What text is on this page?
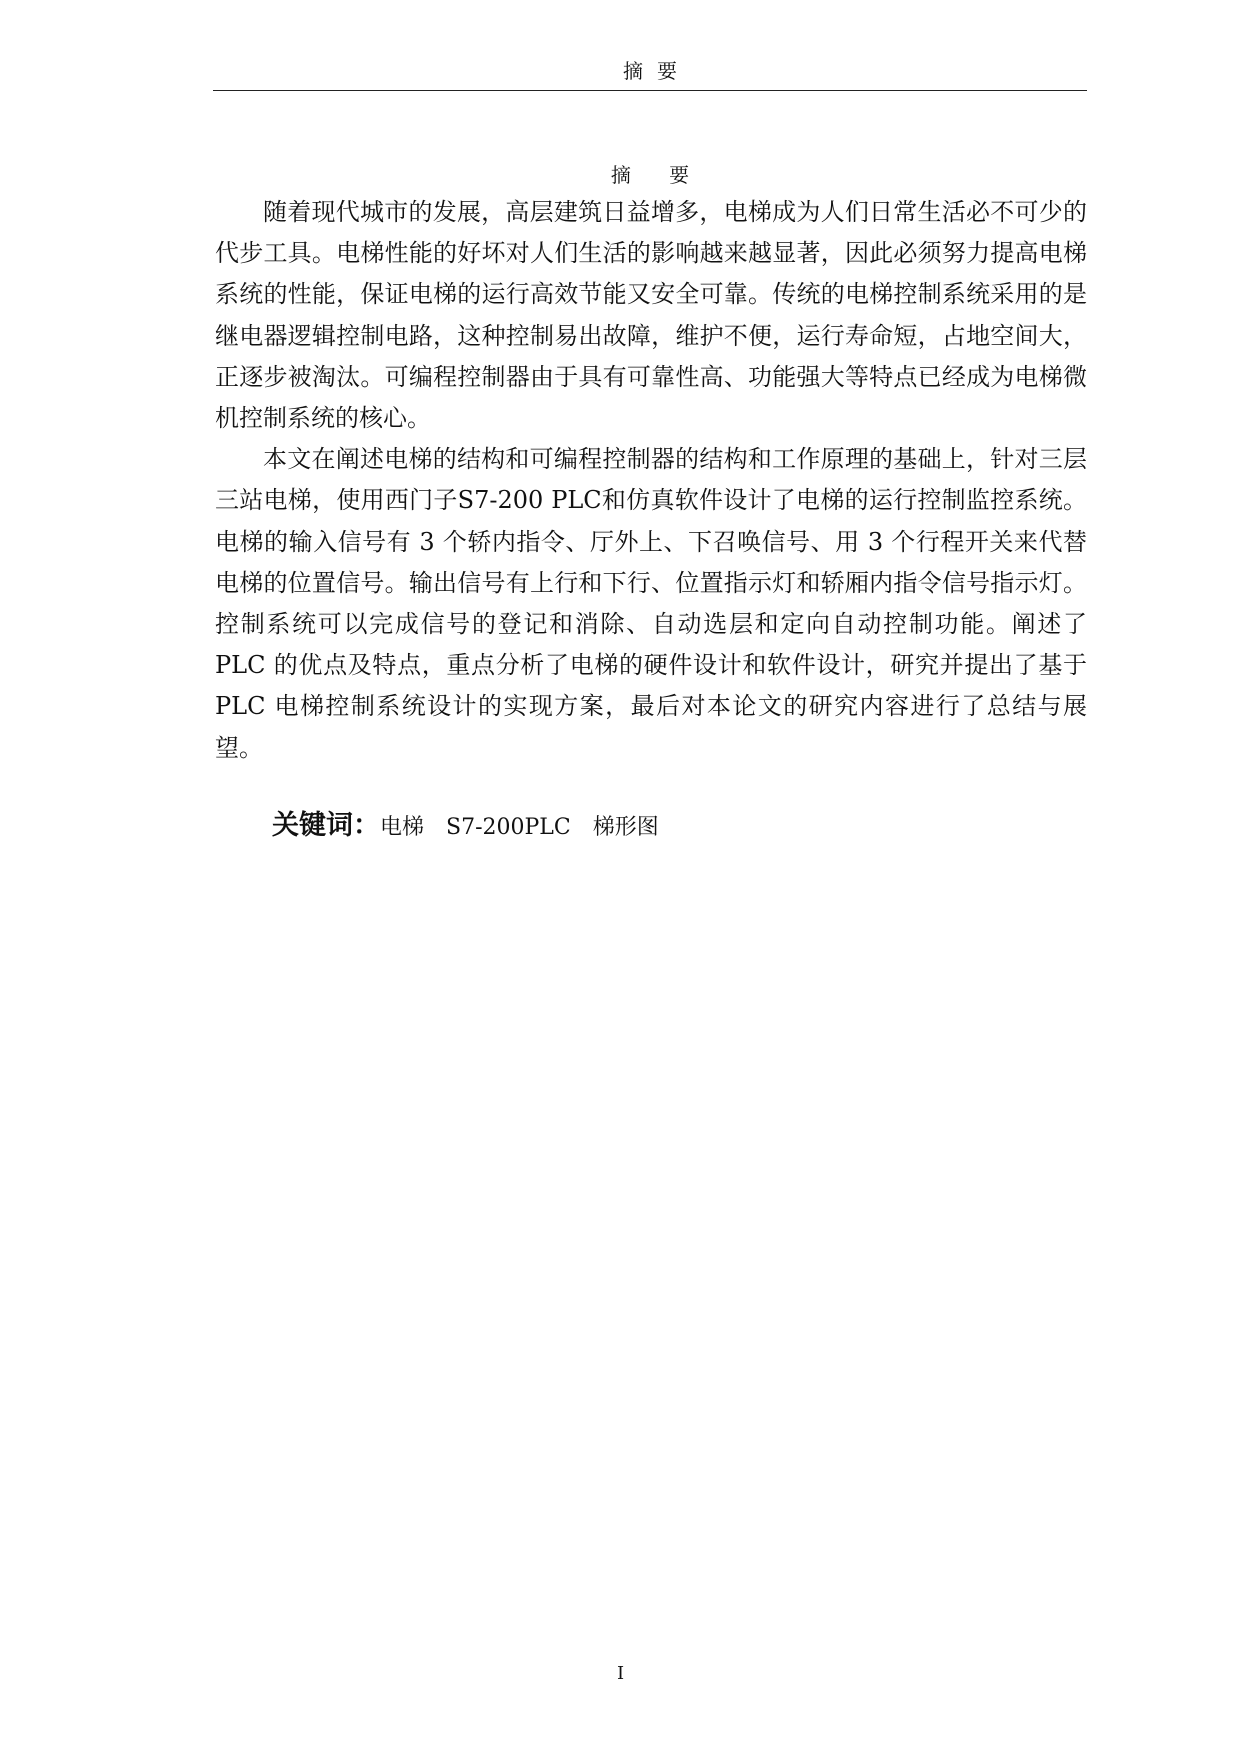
摘要
摘 要

随着现代城市的发展，高层建筑日益增多，电梯成为人们日常生活必不可少的代步工具。电梯性能的好坏对人们生活的影响越来越显著，因此必须努力提高电梯系统的性能，保证电梯的运行高效节能又安全可靠。传统的电梯控制系统采用的是继电器逻辑控制电路，这种控制易出故障，维护不便，运行寿命短，占地空间大，正逐步被淘汰。可编程控制器由于具有可靠性高、功能强大等特点已经成为电梯微机控制系统的核心。

本文在阐述电梯的结构和可编程控制器的结构和工作原理的基础上，针对三层三站电梯，使用西门子S7-200 PLC和仿真软件设计了电梯的运行控制监控系统。电梯的输入信号有 3 个轿内指令、厅外上、下召唤信号、用 3 个行程开关来代替电梯的位置信号。输出信号有上行和下行、位置指示灯和轿厢内指令信号指示灯。控制系统可以完成信号的登记和消除、自动选层和定向自动控制功能。阐述了 PLC 的优点及特点，重点分析了电梯的硬件设计和软件设计，研究并提出了基于 PLC 电梯控制系统设计的实现方案，最后对本论文的研究内容进行了总结与展望。

关键词：电梯 S7-200PLC 梯形图
I
